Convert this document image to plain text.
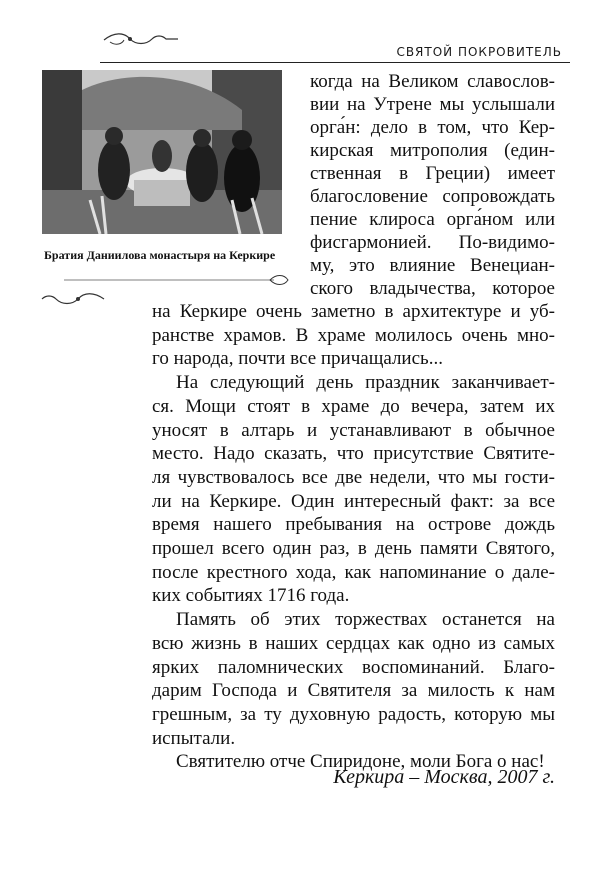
СВЯТОЙ ПОКРОВИТЕЛЬ
Братия Даниилова монастыря на Керкире
когда на Великом славослов-
вии на Утрене мы услышали
орга́н: дело в том, что Кер-
кирская митрополия (един-
ственная в Греции) имеет
благословение сопровождать
пение клироса орга́ном или
фисгармонией. По-видимо-
му, это влияние Венециан-
ского владычества, которое
на Керкире очень заметно в архитектуре и уб-
ранстве храмов. В храме молилось очень мно-
го народа, почти все причащались...
На следующий день праздник заканчивает-
ся. Мощи стоят в храме до вечера, затем их
уносят в алтарь и устанавливают в обычное
место. Надо сказать, что присутствие Святите-
ля чувствовалось все две недели, что мы гости-
ли на Керкире. Один интересный факт: за все
время нашего пребывания на острове дождь
прошел всего один раз, в день памяти Святого,
после крестного хода, как напоминание о дале-
ких событиях 1716 года.
Память об этих торжествах останется на
всю жизнь в наших сердцах как одно из самых
ярких паломнических воспоминаний. Благо-
дарим Господа и Святителя за милость к нам
грешным, за ту духовную радость, которую мы
испытали.
Святителю отче Спиридоне, моли Бога о нас!
Керкира – Москва, 2007 г.
